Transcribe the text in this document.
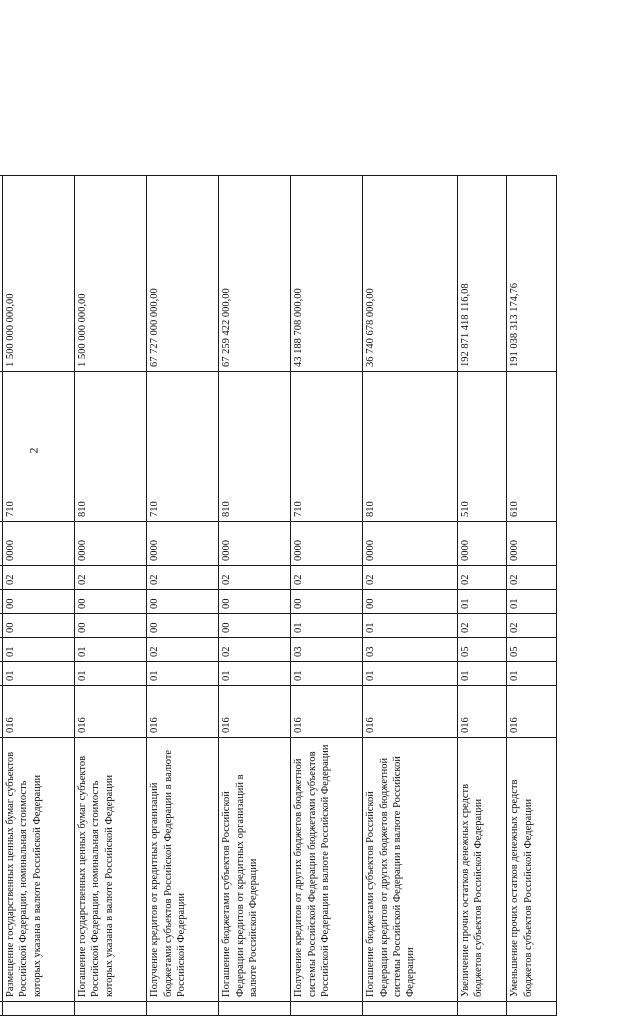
2

	Размещение государственных ценных бумаг субъектов Российской Федерации, номинальная стоимость которых указана в валюте Российской Федерации	016	01	01	00	00	02	0000	710	1 500 000 000,00
	Погашение государственных ценных бумаг субъектов Российской Федерации, номинальная стоимость которых указана в валюте Российской Федерации	016	01	01	00	00	02	0000	810	1 500 000 000,00
	Получение кредитов от кредитных организаций бюджетами субъектов Российской Федерации в валюте Российской Федерации	016	01	02	00	00	02	0000	710	67 727 000 000,00
	Погашение бюджетами субъектов Российской Федерации кредитов от кредитных организаций в валюте Российской Федерации	016	01	02	00	00	02	0000	810	67 259 422 000,00
	Получение кредитов от других бюджетов бюджетной системы Российской Федерации бюджетами субъектов Российской Федерации в валюте Российской Федерации	016	01	03	01	00	02	0000	710	43 188 708 000,00
	Погашение бюджетами субъектов Российской Федерации кредитов от других бюджетов бюджетной системы Российской Федерации в валюте Российской Федерации	016	01	03	01	00	02	0000	810	36 740 678 000,00
	Увеличение прочих остатков денежных средств бюджетов субъектов Российской Федерации	016	01	05	02	01	02	0000	510	192 871 418 116,08
	Уменьшение прочих остатков денежных средств бюджетов субъектов Российской Федерации	016	01	05	02	01	02	0000	610	191 038 313 174,76
